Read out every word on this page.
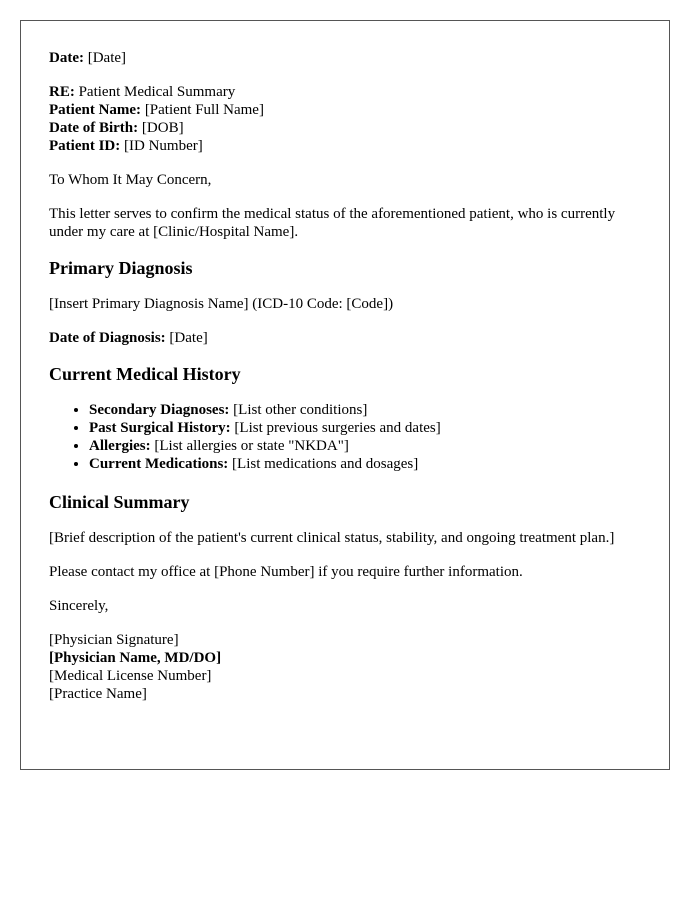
Date: [Date]

RE: Patient Medical Summary
Patient Name: [Patient Full Name]
Date of Birth: [DOB]
Patient ID: [ID Number]

To Whom It May Concern,

This letter serves to confirm the medical status of the aforementioned patient, who is currently under my care at [Clinic/Hospital Name].

Primary Diagnosis

[Insert Primary Diagnosis Name] (ICD-10 Code: [Code])

Date of Diagnosis: [Date]

Current Medical History
• Secondary Diagnoses: [List other conditions]
• Past Surgical History: [List previous surgeries and dates]
• Allergies: [List allergies or state "NKDA"]
• Current Medications: [List medications and dosages]
Clinical Summary

[Brief description of the patient's current clinical status, stability, and ongoing treatment plan.]

Please contact my office at [Phone Number] if you require further information.

Sincerely,

[Physician Signature]
[Physician Name, MD/DO]
[Medical License Number]
[Practice Name]
